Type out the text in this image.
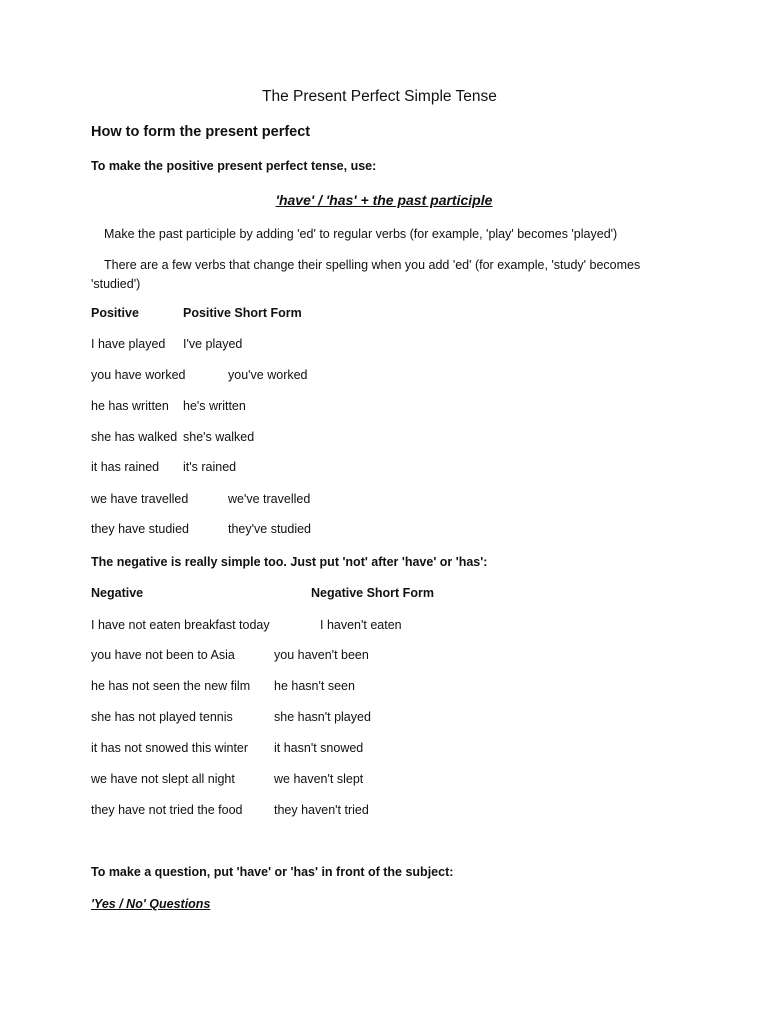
The Present Perfect Simple Tense
How to form the present perfect
To make the positive present perfect tense, use:
'have' / 'has' + the past participle
Make the past participle by adding 'ed' to regular verbs (for example, 'play' becomes 'played')
There are a few verbs that change their spelling when you add 'ed' (for example, 'study' becomes 'studied')
Positive	Positive Short Form
I have played I've played
you have worked	you've worked
he has written he's written
she has walked she's walked
it has rained it's rained
we have travelled	we've travelled
they have studied	they've studied
The negative is really simple too. Just put 'not' after 'have' or 'has':
Negative	Negative Short Form
I have not eaten breakfast today	I haven't eaten
you have not been to Asia	you haven't been
he has not seen the new film he hasn't seen
she has not played tennis	she hasn't played
it has not snowed this winter it hasn't snowed
we have not slept all night	we haven't slept
they have not tried the food	they haven't tried
To make a question, put 'have' or 'has' in front of the subject:
'Yes / No' Questions
